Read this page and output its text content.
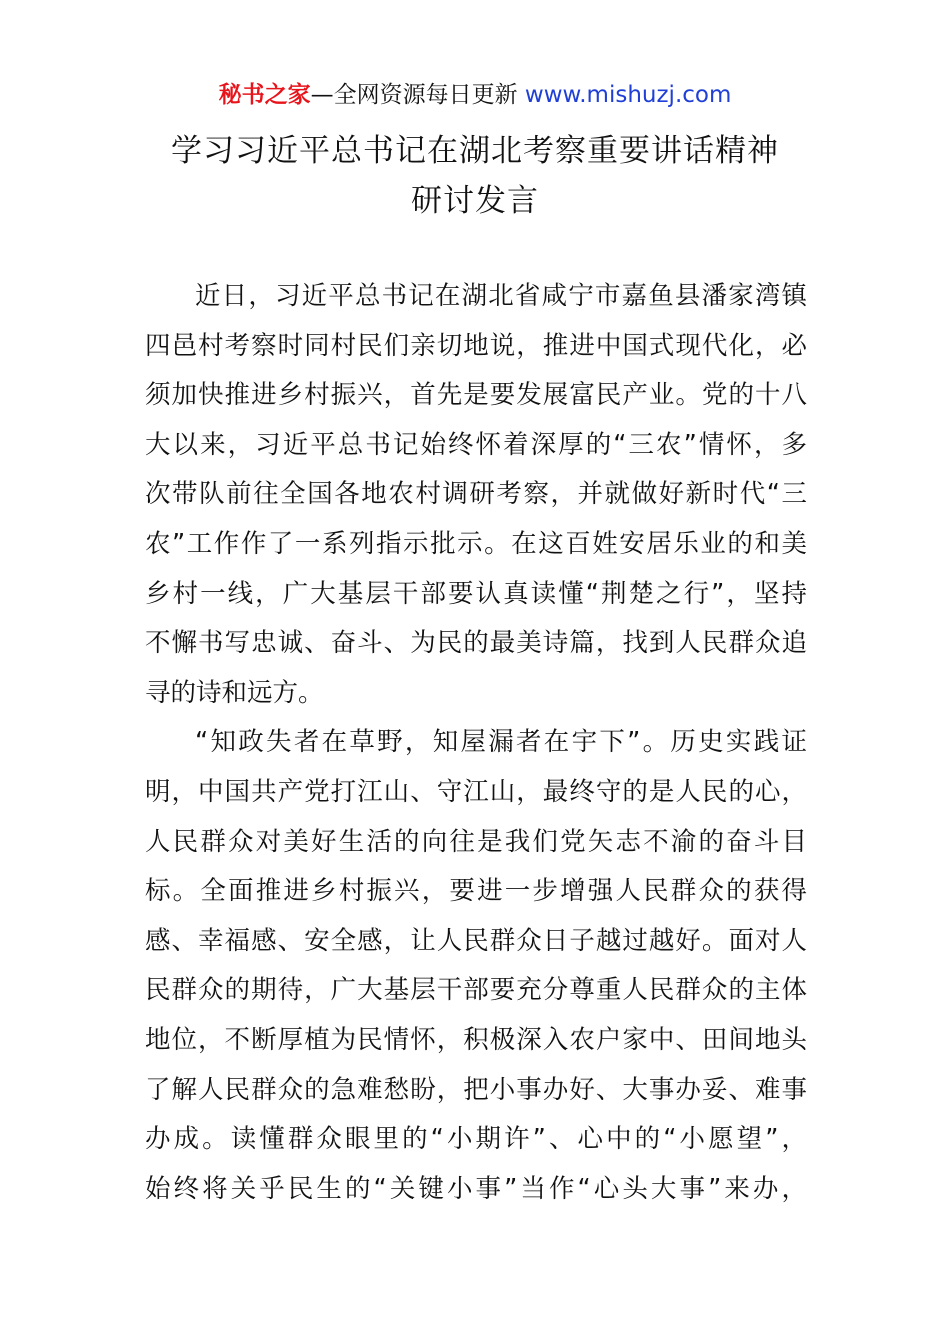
秘书之家—全网资源每日更新 www.mishuzj.com
学习习近平总书记在湖北考察重要讲话精神
研讨发言
近日，习近平总书记在湖北省咸宁市嘉鱼县潘家湾镇
四邑村考察时同村民们亲切地说，推进中国式现代化，必
须加快推进乡村振兴，首先是要发展富民产业。党的十八
大以来，习近平总书记始终怀着深厚的“三农”情怀，多
次带队前往全国各地农村调研考察，并就做好新时代“三
农”工作作了一系列指示批示。在这百姓安居乐业的和美
乡村一线，广大基层干部要认真读懂“荆楚之行”，坚持
不懈书写忠诚、奋斗、为民的最美诗篇，找到人民群众追
寻的诗和远方。
“知政失者在草野，知屋漏者在宇下”。历史实践证
明，中国共产党打江山、守江山，最终守的是人民的心，
人民群众对美好生活的向往是我们党矢志不渝的奋斗目
标。全面推进乡村振兴，要进一步增强人民群众的获得
感、幸福感、安全感，让人民群众日子越过越好。面对人
民群众的期待，广大基层干部要充分尊重人民群众的主体
地位，不断厚植为民情怀，积极深入农户家中、田间地头
了解人民群众的急难愁盼，把小事办好、大事办妥、难事
办成。读懂群众眼里的“小期许”、心中的“小愿望”，
始终将关乎民生的“关键小事”当作“心头大事”来办，
